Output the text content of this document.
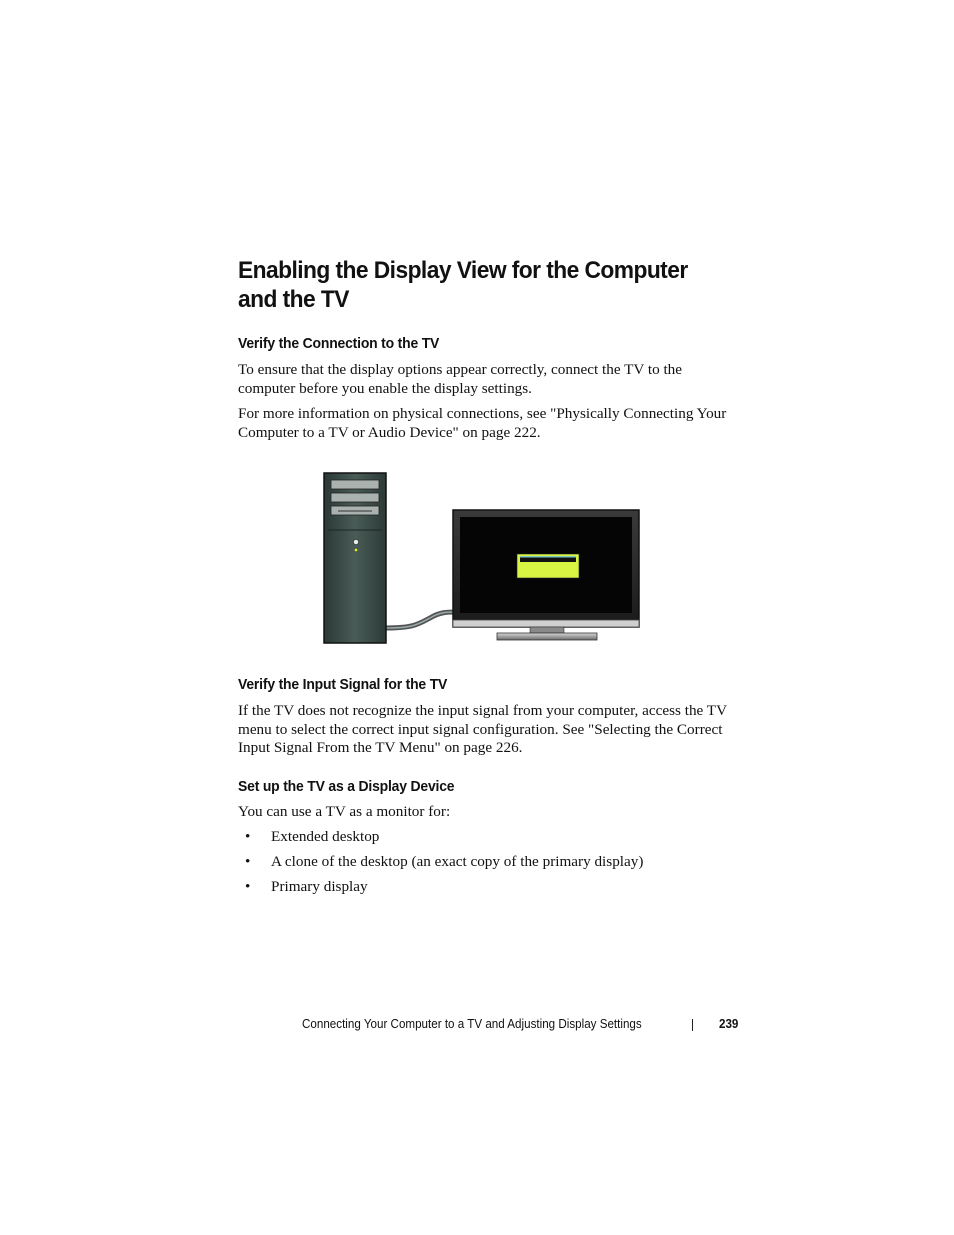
Enabling the Display View for the Computer and the TV
Verify the Connection to the TV

To ensure that the display options appear correctly, connect the TV to the computer before you enable the display settings.

For more information on physical connections, see "Physically Connecting Your Computer to a TV or Audio Device" on page 222.

Verify the Input Signal for the TV

If the TV does not recognize the input signal from your computer, access the TV menu to select the correct input signal configuration. See "Selecting the Correct Input Signal From the TV Menu" on page 226.

Set up the TV as a Display Device

You can use a TV as a monitor for:

• Extended desktop
• A clone of the desktop (an exact copy of the primary display)
• Primary display
Connecting Your Computer to a TV and Adjusting Display Settings	239
